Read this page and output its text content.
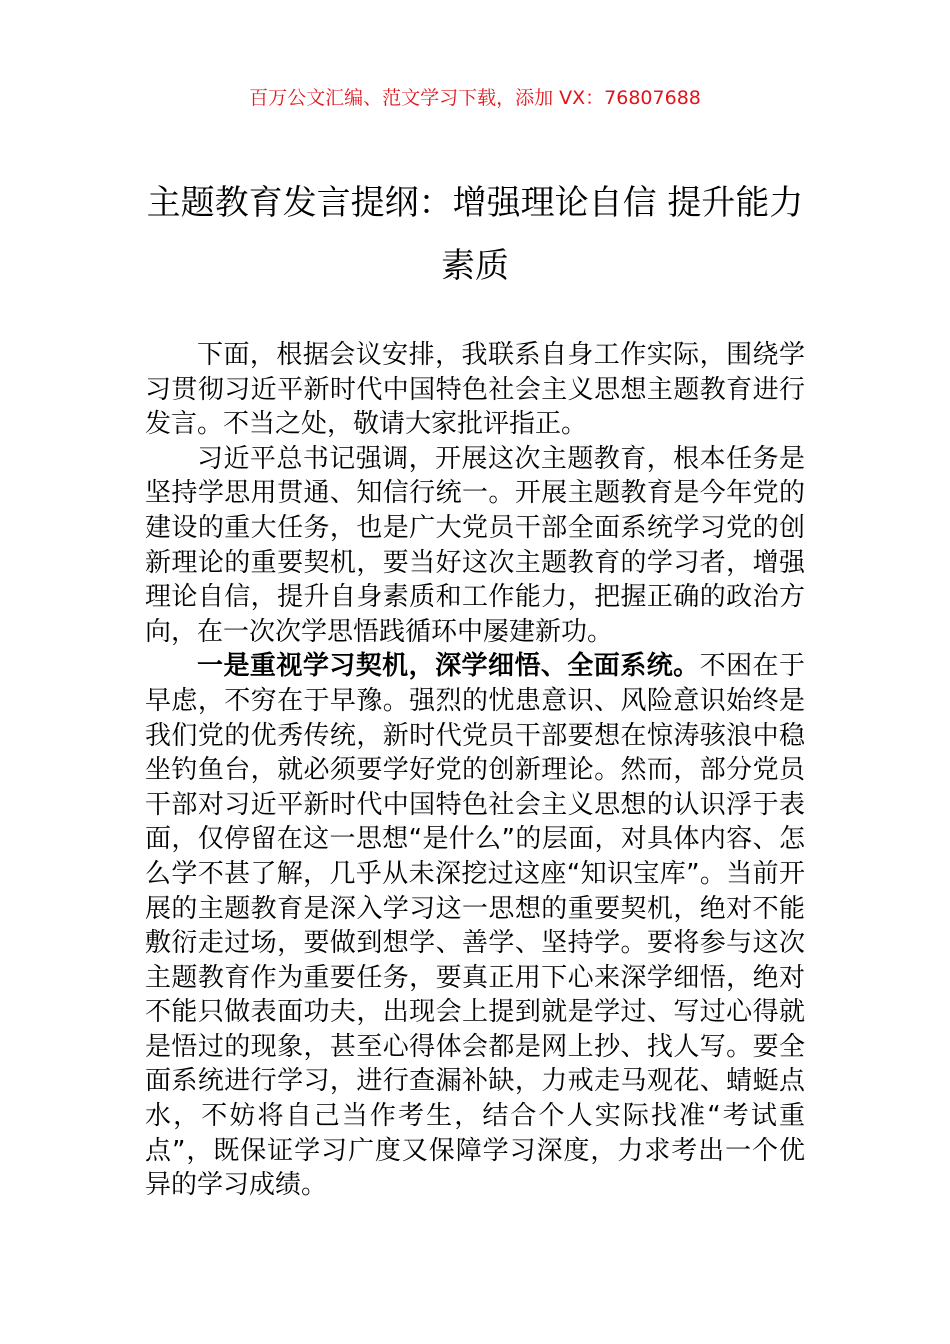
百万公文汇编、范文学习下载，添加 VX：76807688
主题教育发言提纲：增强理论自信 提升能力素质

下面，根据会议安排，我联系自身工作实际，围绕学习贯彻习近平新时代中国特色社会主义思想主题教育进行发言。不当之处，敬请大家批评指正。

习近平总书记强调，开展这次主题教育，根本任务是坚持学思用贯通、知信行统一。开展主题教育是今年党的建设的重大任务，也是广大党员干部全面系统学习党的创新理论的重要契机，要当好这次主题教育的学习者，增强理论自信，提升自身素质和工作能力，把握正确的政治方向，在一次次学思悟践循环中屡建新功。

一是重视学习契机，深学细悟、全面系统。不困在于早虑，不穷在于早豫。强烈的忧患意识、风险意识始终是我们党的优秀传统，新时代党员干部要想在惊涛骇浪中稳坐钓鱼台，就必须要学好党的创新理论。然而，部分党员干部对习近平新时代中国特色社会主义思想的认识浮于表面，仅停留在这一思想“是什么”的层面，对具体内容、怎么学不甚了解，几乎从未深挖过这座“知识宝库”。当前开展的主题教育是深入学习这一思想的重要契机，绝对不能敷衍走过场，要做到想学、善学、坚持学。要将参与这次主题教育作为重要任务，要真正用下心来深学细悟，绝对不能只做表面功夫，出现会上提到就是学过、写过心得就是悟过的现象，甚至心得体会都是网上抄、找人写。要全面系统进行学习，进行查漏补缺，力戒走马观花、蜻蜓点水，不妨将自己当作考生，结合个人实际找准“考试重点”，既保证学习广度又保障学习深度，力求考出一个优异的学习成绩。
